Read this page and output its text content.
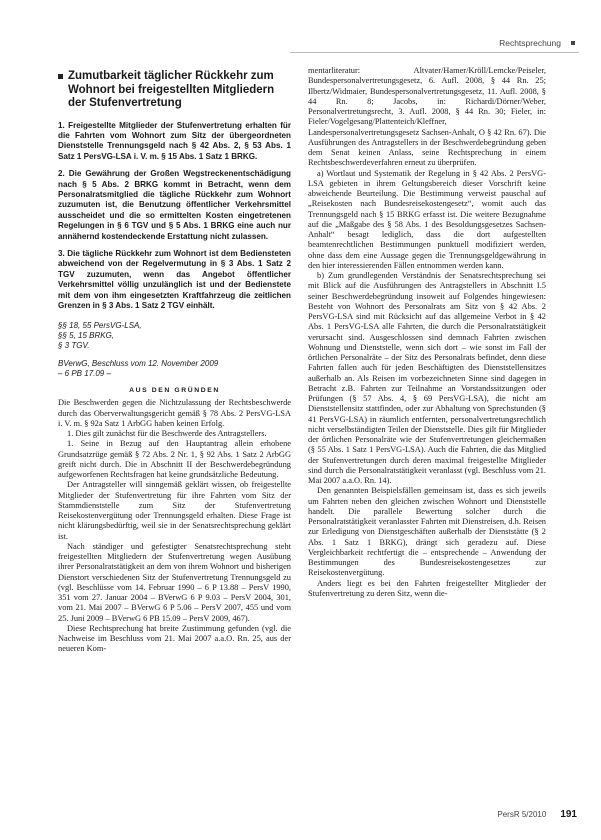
Rechtsprechung
Zumutbarkeit täglicher Rückkehr zum Wohnort bei freigestellten Mitgliedern der Stufenvertretung

1. Freigestellte Mitglieder der Stufenvertretung erhalten für die Fahrten vom Wohnort zum Sitz der übergeordneten Dienststelle Trennungsgeld nach § 42 Abs. 2, § 53 Abs. 1 Satz 1 PersVG-LSA i. V. m. § 15 Abs. 1 Satz 1 BRKG.

2. Die Gewährung der Großen Wegstreckenentschädigung nach § 5 Abs. 2 BRKG kommt in Betracht, wenn dem Personalratsmitglied die tägliche Rückkehr zum Wohnort zuzumuten ist, die Benutzung öffentlicher Verkehrsmittel ausscheidet und die so ermittelten Kosten eingetretenen Regelungen in § 6 TGV und § 5 Abs. 1 BRKG eine auch nur annähernd kostendeckende Erstattung nicht zulassen.

3. Die tägliche Rückkehr zum Wohnort ist dem Bediensteten abweichend von der Regelvermutung in § 3 Abs. 1 Satz 2 TGV zuzumuten, wenn das Angebot öffentlicher Verkehrsmittel völlig unzulänglich ist und der Bedienstete mit dem von ihm eingesetzten Kraftfahrzeug die zeitlichen Grenzen in § 3 Abs. 1 Satz 2 TGV einhält.

§§ 18, 55 PersVG-LSA,
§§ 5, 15 BRKG,
§ 3 TGV.
BVerwG, Beschluss vom 12. November 2009
– 6 PB 17.09 –
AUS DEN GRÜNDEN

Die Beschwerden gegen die Nichtzulassung der Rechtsbeschwerde durch das Oberverwaltungsgericht gemäß § 78 Abs. 2 PersVG-LSA i. V. m. § 92a Satz 1 ArbGG haben keinen Erfolg.

1. Dies gilt zunächst für die Beschwerde des Antragstellers.

1. Seine in Bezug auf den Hauptantrag allein erhobene Grundsatzrüge gemäß § 72 Abs. 2 Nr. 1, § 92 Abs. 1 Satz 2 ArbGG greift nicht durch. Die in Abschnitt II der Beschwerdebegründung aufgeworfenen Rechtsfragen hat keine grundsätzliche Bedeutung.

Der Antragsteller will sinngemäß geklärt wissen, ob freigestellte Mitglieder der Stufenvertretung für ihre Fahrten vom Sitz der Stammdienststelle zum Sitz der Stufenvertretung Reisekostenvergütung oder Trennungsgeld erhalten. Diese Frage ist nicht klärungsbedürftig, weil sie in der Senatsrechtsprechung geklärt ist.

Nach ständiger und gefestigter Senatsrechtsprechung steht freigestellten Mitgliedern der Stufenvertretung wegen Ausübung ihrer Personalratstätigkeit an dem von ihrem Wohnort und bisherigen Dienstort verschiedenen Sitz der Stufenvertretung Trennungsgeld zu (vgl. Beschlüsse vom 14. Februar 1990 – 6 P 13.88 – PersV 1990, 351 vom 27. Januar 2004 – BVerwG 6 P 9.03 – PersV 2004, 301, vom 21. Mai 2007 – BVerwG 6 P 5.06 – PersV 2007, 455 und vom 25. Juni 2009 – BVerwG 6 PB 15.09 – PersV 2009, 467).

Diese Rechtsprechung hat breite Zustimmung gefunden (vgl. die Nachweise im Beschluss vom 21. Mai 2007 a.a.O. Rn. 25, aus der neueren Kom-

mentarliteratur: Altvater/Hamer/Kröll/Lemcke/Peiseler, Bundespersonalvertretungsgesetz, 6. Aufl. 2008, § 44 Rn. 25; Ilbertz/Widmaier, Bundespersonalvertretungsgesetz, 11. Aufl. 2008, § 44 Rn. 8; Jacobs, in: Richardi/Dörner/Weber, Personalvertretungsrecht, 3. Aufl. 2008, § 44 Rn. 30; Fieler, in: Fieler/Vogelgesang/Plattenteich/Kleffner, Landespersonalvertretungsgesetz Sachsen-Anhalt, O § 42 Rn. 67). Die Ausführungen des Antragstellers in der Beschwerdebegründung geben dem Senat keinen Anlass, seine Rechtsprechung in einem Rechtsbeschwerdeverfahren erneut zu überprüfen.

a) Wortlaut und Systematik der Regelung in § 42 Abs. 2 PersVG-LSA gebieten in ihrem Geltungsbereich dieser Vorschrift keine abweichende Beurteilung. Die Bestimmung verweist pauschal auf „Reisekosten nach Bundesreisekostengesetz“, womit auch das Trennungsgeld nach § 15 BRKG erfasst ist. Die weitere Bezugnahme auf die „Maßgabe des § 58 Abs. 1 des Besoldungsgesetzes Sachsen-Anhalt“ besagt lediglich, dass die dort aufgestellten beamtenrechtlichen Bestimmungen punktuell modifiziert werden, ohne dass dem eine Aussage gegen die Trennungsgeldgewährung in den hier interessierenden Fällen entnommen werden kann.

b) Zum grundlegenden Verständnis der Senatsrechtsprechung sei mit Blick auf die Ausführungen des Antragstellers in Abschnitt I.5 seiner Beschwerdebegründung insoweit auf Folgendes hingewiesen: Besteht von Wohnort des Personalrats am Sitz von § 42 Abs. 2 PersVG-LSA sind mit Rücksicht auf das allgemeine Verbot in § 42 Abs. 1 PersVG-LSA alle Fahrten, die durch die Personalratstätigkeit verursacht sind. Ausgeschlossen sind demnach Fahrten zwischen Wohnung und Dienststelle, wenn sich dort – wie sonst im Fall der örtlichen Personalräte – der Sitz des Personalrats befindet, denn diese Fahrten fallen auch für jeden Beschäftigten des Dienststellensitzes außerhalb an. Als Reisen im vorbezeichneten Sinne sind dagegen in Betracht z.B. Fahrten zur Teilnahme an Vorstandssitzungen oder Prüfungen (§ 57 Abs. 4, § 69 PersVG-LSA), die nicht am Dienststellensitz stattfinden, oder zur Abhaltung von Sprechstunden (§ 41 PersVG-LSA) in räumlich entfernten, personalvertretungsrechtlich nicht verselbständigten Teilen der Dienststelle. Dies gilt für Mitglieder der örtlichen Personalräte wie der Stufenvertretungen gleichermaßen (§ 55 Abs. 1 Satz 1 PersVG-LSA). Auch die Fahrten, die das Mitglied der Stufenvertretungen durch deren maximal freigestellte Mitglieder sind durch die Personalratstätigkeit veranlasst (vgl. Beschluss vom 21. Mai 2007 a.a.O. Rn. 14).

Den genannten Beispielsfällen gemeinsam ist, dass es sich jeweils um Fahrten neben den gleichen zwischen Wohnort und Dienststelle handelt. Die parallele Bewertung solcher durch die Personalratstätigkeit veranlasster Fahrten mit Dienstreisen, d.h. Reisen zur Erledigung von Dienstgeschäften außerhalb der Dienststätte (§ 2 Abs. 1 Satz 1 BRKG), drängt sich geradezu auf. Diese Vergleichbarkeit rechtfertigt die – entsprechende – Anwendung der Bestimmungen des Bundesreisekostengesetzes zur Reisekostenvergütung.

Anders liegt es bei den Fahrten freigestellter Mitglieder der Stufenvertretung zu deren Sitz, wenn die-

PersR 5/2010 191
